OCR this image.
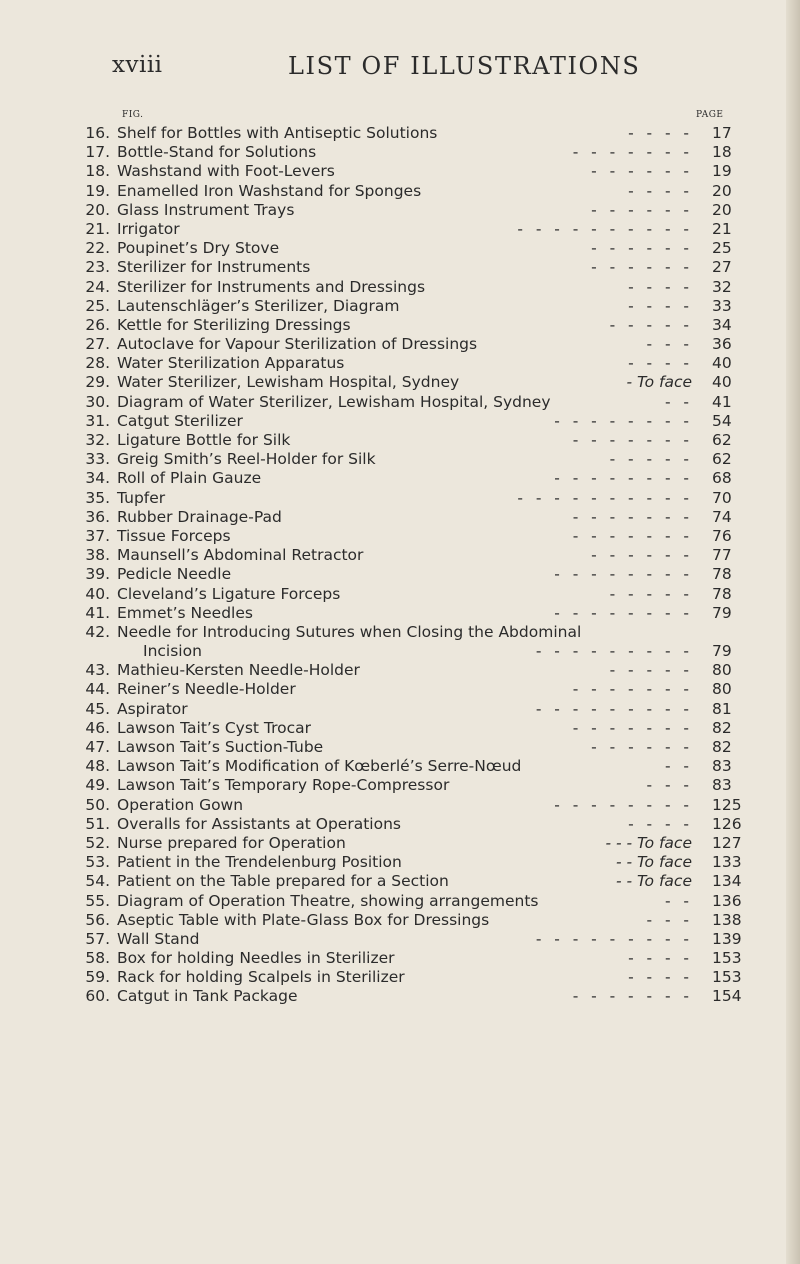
xviii	LIST OF ILLUSTRATIONS
FIG.	PAGE
16. Shelf for Bottles with Antiseptic Solutions	-  -  -  - 17
17. Bottle-Stand for Solutions	-  -  -  -  -  -  - 18
18. Washstand with Foot-Levers	-  -  -  -  -  - 19
19. Enamelled Iron Washstand for Sponges	-  -  -  - 20
20. Glass Instrument Trays	-  -  -  -  -  - 20
21. Irrigator	-  -  -  -  -  -  -  -  -  - 21
22. Poupinet’s Dry Stove	-  -  -  -  -  - 25
23. Sterilizer for Instruments	-  -  -  -  -  - 27
24. Sterilizer for Instruments and Dressings	-  -  -  - 32
25. Lautenschläger’s Sterilizer, Diagram	-  -  -  - 33
26. Kettle for Sterilizing Dressings	-  -  -  -  - 34
27. Autoclave for Vapour Sterilization of Dressings	-  -  - 36
28. Water Sterilization Apparatus	-  -  -  - 40
29. Water Sterilizer, Lewisham Hospital, Sydney	- To face 40
30. Diagram of Water Sterilizer, Lewisham Hospital, Sydney	-  - 41
31. Catgut Sterilizer	-  -  -  -  -  -  -  - 54
32. Ligature Bottle for Silk	-  -  -  -  -  -  - 62
33. Greig Smith’s Reel-Holder for Silk	-  -  -  -  - 62
34. Roll of Plain Gauze	-  -  -  -  -  -  -  - 68
35. Tupfer	-  -  -  -  -  -  -  -  -  - 70
36. Rubber Drainage-Pad	-  -  -  -  -  -  - 74
37. Tissue Forceps	-  -  -  -  -  -  - 76
38. Maunsell’s Abdominal Retractor	-  -  -  -  -  - 77
39. Pedicle Needle	-  -  -  -  -  -  -  - 78
40. Cleveland’s Ligature Forceps	-  -  -  -  - 78
41. Emmet’s Needles	-  -  -  -  -  -  -  - 79
42. Needle for Introducing Sutures when Closing the Abdominal
Incision	-  -  -  -  -  -  -  -  - 79
43. Mathieu-Kersten Needle-Holder	-  -  -  -  - 80
44. Reiner’s Needle-Holder	-  -  -  -  -  -  - 80
45. Aspirator	-  -  -  -  -  -  -  -  - 81
46. Lawson Tait’s Cyst Trocar	-  -  -  -  -  -  - 82
47. Lawson Tait’s Suction-Tube	-  -  -  -  -  - 82
48. Lawson Tait’s Modification of Kœberlé’s Serre-Nœud	-  - 83
49. Lawson Tait’s Temporary Rope-Compressor	-  -  - 83
50. Operation Gown	-  -  -  -  -  -  -  - 125
51. Overalls for Assistants at Operations	-  -  -  - 126
52. Nurse prepared for Operation	- - - To face 127
53. Patient in the Trendelenburg Position	- - To face 133
54. Patient on the Table prepared for a Section	- - To face 134
55. Diagram of Operation Theatre, showing arrangements	-  - 136
56. Aseptic Table with Plate-Glass Box for Dressings	-  -  - 138
57. Wall Stand	-  -  -  -  -  -  -  -  - 139
58. Box for holding Needles in Sterilizer	-  -  -  - 153
59. Rack for holding Scalpels in Sterilizer	-  -  -  - 153
60. Catgut in Tank Package	-  -  -  -  -  -  - 154
